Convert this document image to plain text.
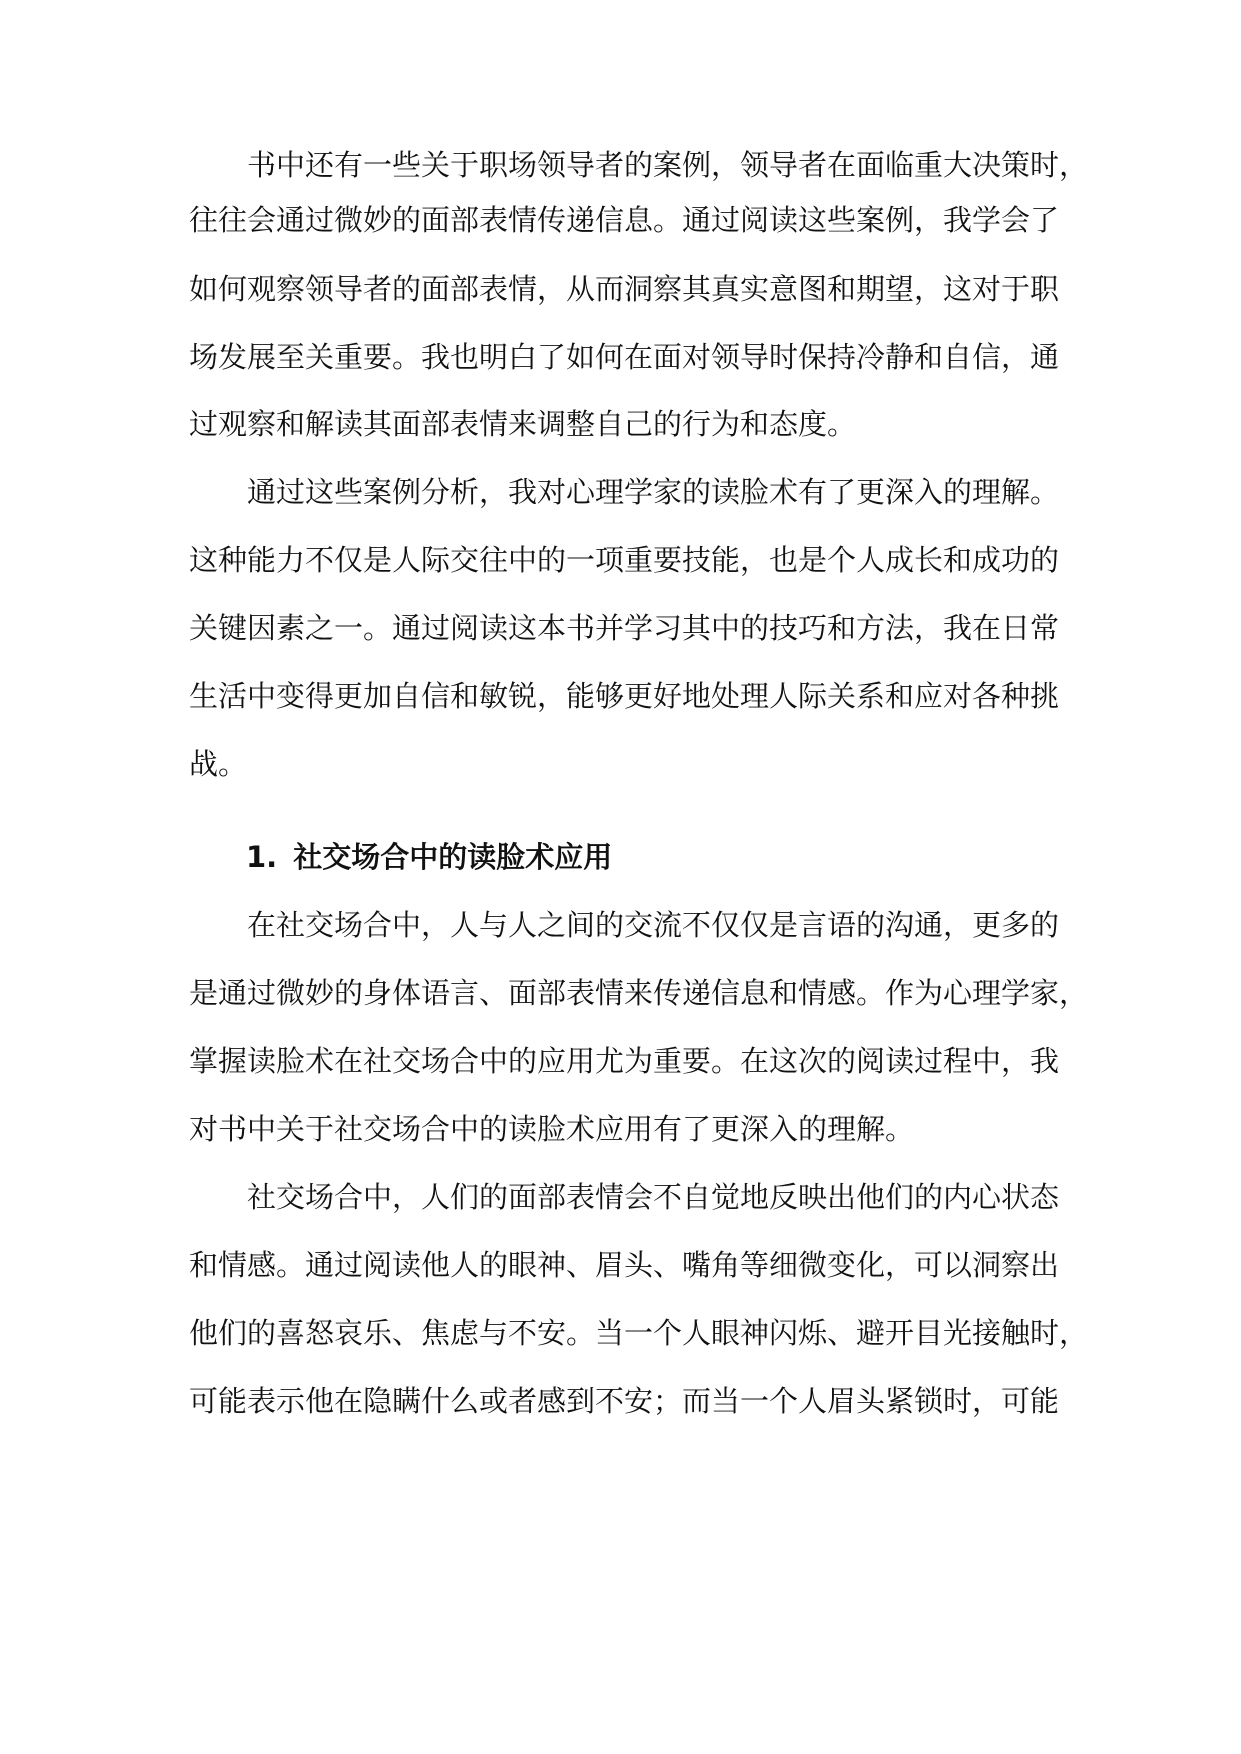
书中还有一些关于职场领导者的案例，领导者在面临重大决策时，
往往会通过微妙的面部表情传递信息。通过阅读这些案例，我学会了
如何观察领导者的面部表情，从而洞察其真实意图和期望，这对于职
场发展至关重要。我也明白了如何在面对领导时保持冷静和自信，通
过观察和解读其面部表情来调整自己的行为和态度。
通过这些案例分析，我对心理学家的读脸术有了更深入的理解。
这种能力不仅是人际交往中的一项重要技能，也是个人成长和成功的
关键因素之一。通过阅读这本书并学习其中的技巧和方法，我在日常
生活中变得更加自信和敏锐，能够更好地处理人际关系和应对各种挑
战。
1. 社交场合中的读脸术应用
在社交场合中，人与人之间的交流不仅仅是言语的沟通，更多的
是通过微妙的身体语言、面部表情来传递信息和情感。作为心理学家，
掌握读脸术在社交场合中的应用尤为重要。在这次的阅读过程中，我
对书中关于社交场合中的读脸术应用有了更深入的理解。
社交场合中，人们的面部表情会不自觉地反映出他们的内心状态
和情感。通过阅读他人的眼神、眉头、嘴角等细微变化，可以洞察出
他们的喜怒哀乐、焦虑与不安。当一个人眼神闪烁、避开目光接触时，
可能表示他在隐瞒什么或者感到不安；而当一个人眉头紧锁时，可能
